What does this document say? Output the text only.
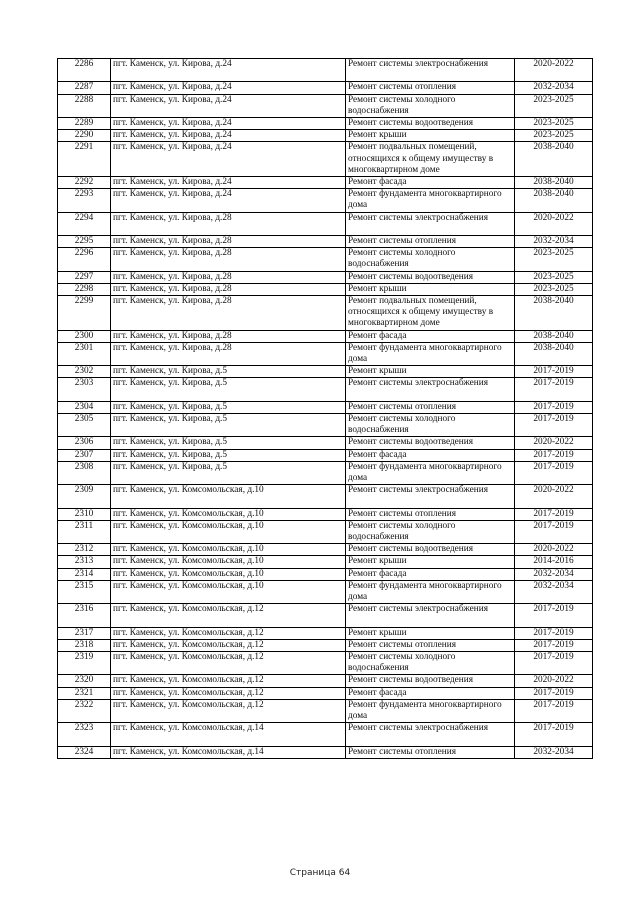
2286	пгт. Каменск, ул. Кирова, д.24	Ремонт системы электроснабжения	2020-2022
2287	пгт. Каменск, ул. Кирова, д.24	Ремонт системы отопления	2032-2034
2288	пгт. Каменск, ул. Кирова, д.24	Ремонт системы холодного водоснабжения	2023-2025
2289	пгт. Каменск, ул. Кирова, д.24	Ремонт системы водоотведения	2023-2025
2290	пгт. Каменск, ул. Кирова, д.24	Ремонт крыши	2023-2025
2291	пгт. Каменск, ул. Кирова, д.24	Ремонт подвальных помещений, относящихся к общему имуществу в многоквартирном доме	2038-2040
2292	пгт. Каменск, ул. Кирова, д.24	Ремонт фасада	2038-2040
2293	пгт. Каменск, ул. Кирова, д.24	Ремонт фундамента многоквартирного дома	2038-2040
2294	пгт. Каменск, ул. Кирова, д.28	Ремонт системы электроснабжения	2020-2022
2295	пгт. Каменск, ул. Кирова, д.28	Ремонт системы отопления	2032-2034
2296	пгт. Каменск, ул. Кирова, д.28	Ремонт системы холодного водоснабжения	2023-2025
2297	пгт. Каменск, ул. Кирова, д.28	Ремонт системы водоотведения	2023-2025
2298	пгт. Каменск, ул. Кирова, д.28	Ремонт крыши	2023-2025
2299	пгт. Каменск, ул. Кирова, д.28	Ремонт подвальных помещений, относящихся к общему имуществу в многоквартирном доме	2038-2040
2300	пгт. Каменск, ул. Кирова, д.28	Ремонт фасада	2038-2040
2301	пгт. Каменск, ул. Кирова, д.28	Ремонт фундамента многоквартирного дома	2038-2040
2302	пгт. Каменск, ул. Кирова, д.5	Ремонт крыши	2017-2019
2303	пгт. Каменск, ул. Кирова, д.5	Ремонт системы электроснабжения	2017-2019
2304	пгт. Каменск, ул. Кирова, д.5	Ремонт системы отопления	2017-2019
2305	пгт. Каменск, ул. Кирова, д.5	Ремонт системы холодного водоснабжения	2017-2019
2306	пгт. Каменск, ул. Кирова, д.5	Ремонт системы водоотведения	2020-2022
2307	пгт. Каменск, ул. Кирова, д.5	Ремонт фасада	2017-2019
2308	пгт. Каменск, ул. Кирова, д.5	Ремонт фундамента многоквартирного дома	2017-2019
2309	пгт. Каменск, ул. Комсомольская, д.10	Ремонт системы электроснабжения	2020-2022
2310	пгт. Каменск, ул. Комсомольская, д.10	Ремонт системы отопления	2017-2019
2311	пгт. Каменск, ул. Комсомольская, д.10	Ремонт системы холодного водоснабжения	2017-2019
2312	пгт. Каменск, ул. Комсомольская, д.10	Ремонт системы водоотведения	2020-2022
2313	пгт. Каменск, ул. Комсомольская, д.10	Ремонт крыши	2014-2016
2314	пгт. Каменск, ул. Комсомольская, д.10	Ремонт фасада	2032-2034
2315	пгт. Каменск, ул. Комсомольская, д.10	Ремонт фундамента многоквартирного дома	2032-2034
2316	пгт. Каменск, ул. Комсомольская, д.12	Ремонт системы электроснабжения	2017-2019
2317	пгт. Каменск, ул. Комсомольская, д.12	Ремонт крыши	2017-2019
2318	пгт. Каменск, ул. Комсомольская, д.12	Ремонт системы отопления	2017-2019
2319	пгт. Каменск, ул. Комсомольская, д.12	Ремонт системы холодного водоснабжения	2017-2019
2320	пгт. Каменск, ул. Комсомольская, д.12	Ремонт системы водоотведения	2020-2022
2321	пгт. Каменск, ул. Комсомольская, д.12	Ремонт фасада	2017-2019
2322	пгт. Каменск, ул. Комсомольская, д.12	Ремонт фундамента многоквартирного дома	2017-2019
2323	пгт. Каменск, ул. Комсомольская, д.14	Ремонт системы электроснабжения	2017-2019
2324	пгт. Каменск, ул. Комсомольская, д.14	Ремонт системы отопления	2032-2034
Страница 64
